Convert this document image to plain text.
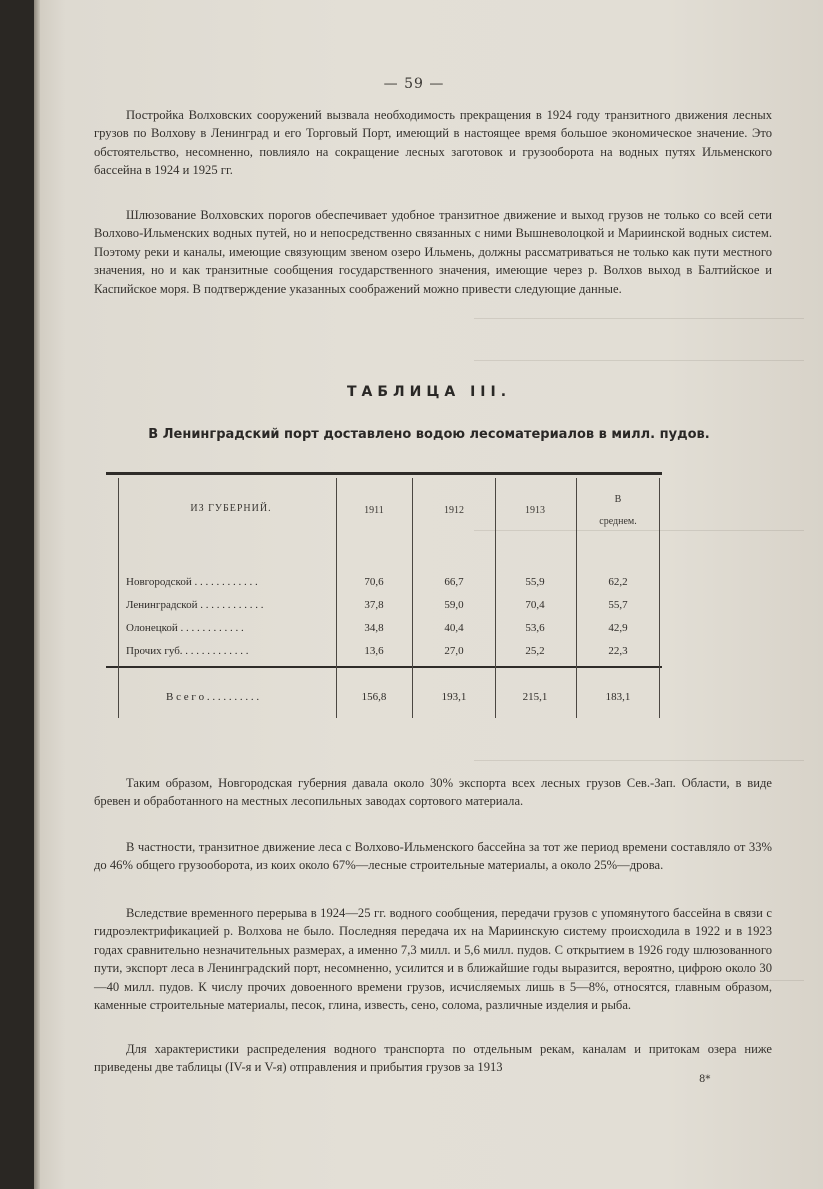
— 59 —

Постройка Волховских сооружений вызвала необходимость прекращения в 1924 году транзитного движения лесных грузов по Волхову в Ленинград и его Торговый Порт, имеющий в настоящее время большое экономическое значение. Это обстоятельство, несомненно, повлияло на сокращение лесных заготовок и грузооборота на водных путях Ильменского бассейна в 1924 и 1925 гг.

Шлюзование Волховских порогов обеспечивает удобное транзитное движение и выход грузов не только со всей сети Волхово-Ильменских водных путей, но и непосредственно связанных с ними Вышневолоцкой и Мариинской водных систем. Поэтому реки и каналы, имеющие связующим звеном озеро Ильмень, должны рассматриваться не только как пути местного значения, но и как транзитные сообщения государственного значения, имеющие через р. Волхов выход в Балтийское и Каспийское моря. В подтверждение указанных соображений можно привести следующие данные.

ТАБЛИЦА III.
В Ленинградский порт доставлено водою лесоматериалов в милл. пудов.
ИЗ ГУБЕРНИЙ.	1911	1912	1913
В
среднем.
Новгородской . . . . . . . . . . . .	70,6	66,7	55,9	62,2
Ленинградской . . . . . . . . . . . .	37,8	59,0	70,4	55,7
Олонецкой . . . . . . . . . . . .	34,8	40,4	53,6	42,9
Прочих губ. . . . . . . . . . . . .	13,6	27,0	25,2	22,3
В с е г о . . . . . . . . . .	156,8	193,1	215,1	183,1

Таким образом, Новгородская губерния давала около 30% экспорта всех лесных грузов Сев.-Зап. Области, в виде бревен и обработанного на местных лесопильных заводах сортового материала.

В частности, транзитное движение леса с Волхово-Ильменского бассейна за тот же период времени составляло от 33% до 46% общего грузооборота, из коих около 67%—лесные строительные материалы, а около 25%—дрова.

Вследствие временного перерыва в 1924—25 гг. водного сообщения, передачи грузов с упомянутого бассейна в связи с гидроэлектрификацией р. Волхова не было. Последняя передача их на Мариинскую систему происходила в 1922 и в 1923 годах сравнительно незначительных размерах, а именно 7,3 милл. и 5,6 милл. пудов. С открытием в 1926 году шлюзованного пути, экспорт леса в Ленинградский порт, несомненно, усилится и в ближайшие годы выразится, вероятно, цифрою около 30—40 милл. пудов. К числу прочих довоенного времени грузов, исчисляемых лишь в 5—8%, относятся, главным образом, каменные строительные материалы, песок, глина, известь, сено, солома, различные изделия и рыба.

Для характеристики распределения водного транспорта по отдельным рекам, каналам и притокам озера ниже приведены две таблицы (IV-я и V-я) отправления и прибытия грузов за 1913

8*
